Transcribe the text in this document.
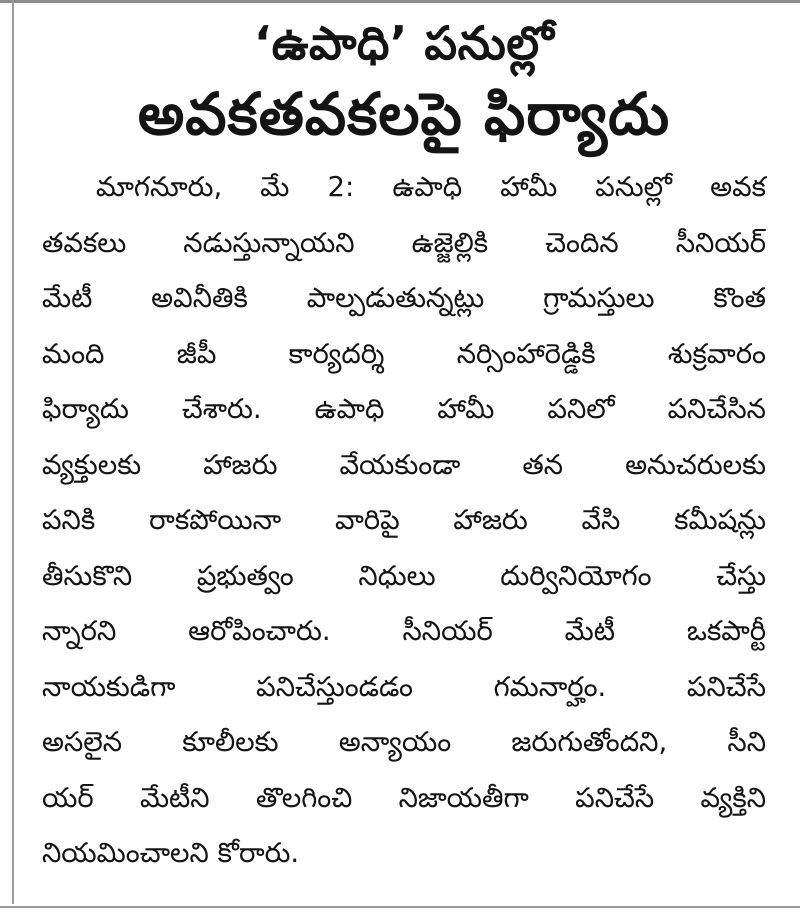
‘ఉపాధి’ పనుల్లో
అవకతవకలపై ఫిర్యాదు
మాగనూరు, మే 2: ఉపాధి హామీ పనుల్లో అవక
తవకలు నడుస్తున్నాయని ఉజ్జెల్లికి చెందిన సీనియర్
మేటీ అవినీతికి పాల్పడుతున్నట్లు గ్రామస్తులు కొంత
మంది జీపీ కార్యదర్శి నర్సింహారెడ్డికి శుక్రవారం
ఫిర్యాదు చేశారు. ఉపాధి హామీ పనిలో పనిచేసిన
వ్యక్తులకు హాజరు వేయకుండా తన అనుచరులకు
పనికి రాకపోయినా వారిపై హాజరు వేసి కమీషన్లు
తీసుకొని ప్రభుత్వం నిధులు దుర్వినియోగం చేస్తు
న్నారని ఆరోపించారు. సీనియర్ మేటీ ఒకపార్టీ
నాయకుడిగా పనిచేస్తుండడం గమనార్హం. పనిచేసే
అసలైన కూలీలకు అన్యాయం జరుగుతోందని, సీని
యర్ మేటీని తొలగించి నిజాయతీగా పనిచేసే వ్యక్తిని
నియమించాలని కోరారు.
